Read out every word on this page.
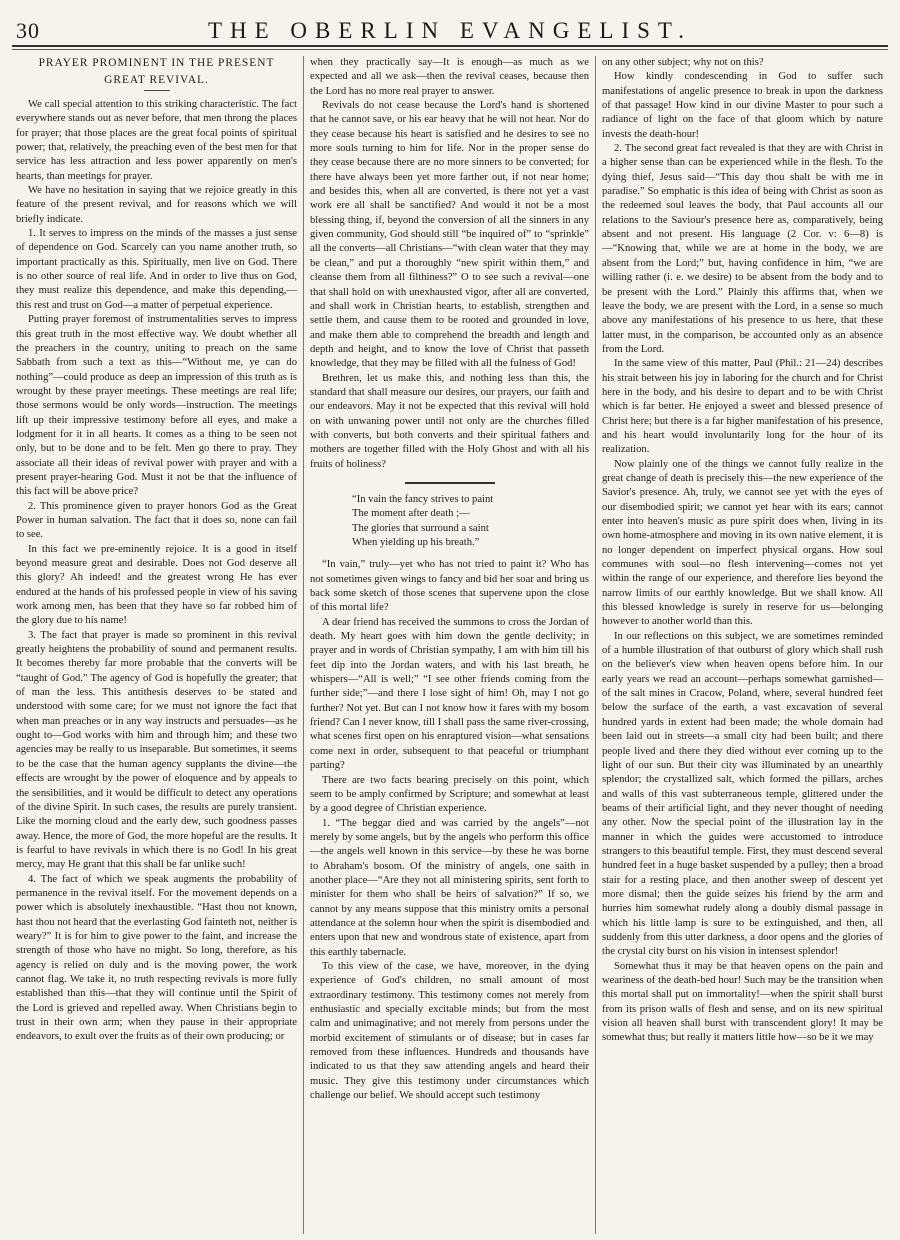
30	THE OBERLIN EVANGELIST.
PRAYER PROMINENT IN THE PRESENT
GREAT REVIVAL.

We call special attention to this striking characteristic. The fact everywhere stands out as never before, that men throng the places for prayer; that those places are the great focal points of spiritual power; that, relatively, the preaching even of the best men for that service has less attraction and less power apparently on men's hearts, than meetings for prayer.

We have no hesitation in saying that we rejoice greatly in this feature of the present revival, and for reasons which we will briefly indicate.

1. It serves to impress on the minds of the masses a just sense of dependence on God. Scarcely can you name another truth, so important practically as this. Spiritually, men live on God. There is no other source of real life. And in order to live thus on God, they must realize this dependence, and make this depending,—this rest and trust on God—a matter of perpetual experience.

Putting prayer foremost of instrumentalities serves to impress this great truth in the most effective way. We doubt whether all the preachers in the country, uniting to preach on the same Sabbath from such a text as this—“Without me, ye can do nothing”—could produce as deep an impression of this truth as is wrought by these prayer meetings. These meetings are real life; those sermons would be only words—instruction. The meetings lift up their impressive testimony before all eyes, and make a lodgment for it in all hearts. It comes as a thing to be seen not only, but to be done and to be felt. Men go there to pray. They associate all their ideas of revival power with prayer and with a present prayer-hearing God. Must it not be that the influence of this fact will be above price?

2. This prominence given to prayer honors God as the Great Power in human salvation. The fact that it does so, none can fail to see.

In this fact we pre-eminently rejoice. It is a good in itself beyond measure great and desirable. Does not God deserve all this glory? Ah indeed! and the greatest wrong He has ever endured at the hands of his professed people in view of his saving work among men, has been that they have so far robbed him of the glory due to his name!

3. The fact that prayer is made so prominent in this revival greatly heightens the probability of sound and permanent results. It becomes thereby far more probable that the converts will be “taught of God.” The agency of God is hopefully the greater; that of man the less. This antithesis deserves to be stated and understood with some care; for we must not ignore the fact that when man preaches or in any way instructs and persuades—as he ought to—God works with him and through him; and these two agencies may be really to us inseparable. But sometimes, it seems to be the case that the human agency supplants the divine—the effects are wrought by the power of eloquence and by appeals to the sensibilities, and it would be difficult to detect any operations of the divine Spirit. In such cases, the results are purely transient. Like the morning cloud and the early dew, such goodness passes away. Hence, the more of God, the more hopeful are the results. It is fearful to have revivals in which there is no God! In his great mercy, may He grant that this shall be far unlike such!

4. The fact of which we speak augments the probability of permanence in the revival itself. For the movement depends on a power which is absolutely inexhaustible. “Hast thou not known, hast thou not heard that the everlasting God fainteth not, neither is weary?” It is for him to give power to the faint, and increase the strength of those who have no might. So long, therefore, as his agency is relied on duly and is the moving power, the work cannot flag. We take it, no truth respecting revivals is more fully established than this—that they will continue until the Spirit of the Lord is grieved and repelled away. When Christians begin to trust in their own arm; when they pause in their appropriate endeavors, to exult over the fruits as of their own producing; or

when they practically say—It is enough—as much as we expected and all we ask—then the revival ceases, because then the Lord has no more real prayer to answer.

Revivals do not cease because the Lord's hand is shortened that he cannot save, or his ear heavy that he will not hear. Nor do they cease because his heart is satisfied and he desires to see no more souls turning to him for life. Nor in the proper sense do they cease because there are no more sinners to be converted; for there have always been yet more farther out, if not near home; and besides this, when all are converted, is there not yet a vast work ere all shall be sanctified? And would it not be a most blessing thing, if, beyond the conversion of all the sinners in any given community, God should still “be inquired of” to “sprinkle” all the converts—all Christians—“with clean water that they may be clean,” and put a thoroughly “new spirit within them,” and cleanse them from all filthiness?” O to see such a revival—one that shall hold on with unexhausted vigor, after all are converted, and shall work in Christian hearts, to establish, strengthen and settle them, and cause them to be rooted and grounded in love, and make them able to comprehend the breadth and length and depth and height, and to know the love of Christ that passeth knowledge, that they may be filled with all the fulness of God!

Brethren, let us make this, and nothing less than this, the standard that shall measure our desires, our prayers, our faith and our endeavors. May it not be expected that this revival will hold on with unwaning power until not only are the churches filled with converts, but both converts and their spiritual fathers and mothers are together filled with the Holy Ghost and with all his fruits of holiness?

“In vain the fancy strives to paint
The moment after death ;—
The glories that surround a saint
When yielding up his breath.”

“In vain,” truly—yet who has not tried to paint it? Who has not sometimes given wings to fancy and bid her soar and bring us back some sketch of those scenes that supervene upon the close of this mortal life?

A dear friend has received the summons to cross the Jordan of death. My heart goes with him down the gentle declivity; in prayer and in words of Christian sympathy, I am with him till his feet dip into the Jordan waters, and with his last breath, he whispers—“All is well;” “I see other friends coming from the further side;”—and there I lose sight of him! Oh, may I not go further? Not yet. But can I not know how it fares with my bosom friend? Can I never know, till I shall pass the same river-crossing, what scenes first open on his enraptured vision—what sensations come next in order, subsequent to that peaceful or triumphant parting?

There are two facts bearing precisely on this point, which seem to be amply confirmed by Scripture; and somewhat at least by a good degree of Christian experience.

1. “The beggar died and was carried by the angels”—not merely by some angels, but by the angels who perform this office—the angels well known in this service—by these he was borne to Abraham's bosom. Of the ministry of angels, one saith in another place—“Are they not all ministering spirits, sent forth to minister for them who shall be heirs of salvation?” If so, we cannot by any means suppose that this ministry omits a personal attendance at the solemn hour when the spirit is disembodied and enters upon that new and wondrous state of existence, apart from this earthly tabernacle.

To this view of the case, we have, moreover, in the dying experience of God's children, no small amount of most extraordinary testimony. This testimony comes not merely from enthusiastic and specially excitable minds; but from the most calm and unimaginative; and not merely from persons under the morbid excitement of stimulants or of disease; but in cases far removed from these influences. Hundreds and thousands have indicated to us that they saw attending angels and heard their music. They give this testimony under circumstances which challenge our belief. We should accept such testimony

on any other subject; why not on this?

How kindly condescending in God to suffer such manifestations of angelic presence to break in upon the darkness of that passage! How kind in our divine Master to pour such a radiance of light on the face of that gloom which by nature invests the death-hour!

2. The second great fact revealed is that they are with Christ in a higher sense than can be experienced while in the flesh. To the dying thief, Jesus said—“This day thou shalt be with me in paradise.” So emphatic is this idea of being with Christ as soon as the redeemed soul leaves the body, that Paul accounts all our relations to the Saviour's presence here as, comparatively, being absent and not present. His language (2 Cor. v: 6—8) is—“Knowing that, while we are at home in the body, we are absent from the Lord;” but, having confidence in him, “we are willing rather (i. e. we desire) to be absent from the body and to be present with the Lord.” Plainly this affirms that, when we leave the body, we are present with the Lord, in a sense so much above any manifestations of his presence to us here, that these latter must, in the comparison, be accounted only as an absence from the Lord.

In the same view of this matter, Paul (Phil.: 21—24) describes his strait between his joy in laboring for the church and for Christ here in the body, and his desire to depart and to be with Christ which is far better. He enjoyed a sweet and blessed presence of Christ here; but there is a far higher manifestation of his presence, and his heart would involuntarily long for the hour of its realization.

Now plainly one of the things we cannot fully realize in the great change of death is precisely this—the new experience of the Savior's presence. Ah, truly, we cannot see yet with the eyes of our disembodied spirit; we cannot yet hear with its ears; cannot enter into heaven's music as pure spirit does when, living in its own home-atmosphere and moving in its own native element, it is no longer dependent on imperfect physical organs. How soul communes with soul—no flesh intervening—comes not yet within the range of our experience, and therefore lies beyond the narrow limits of our earthly knowledge. But we shall know. All this blessed knowledge is surely in reserve for us—belonging however to another world than this.

In our reflections on this subject, we are sometimes reminded of a humble illustration of that outburst of glory which shall rush on the believer's view when heaven opens before him. In our early years we read an account—perhaps somewhat garnished—of the salt mines in Cracow, Poland, where, several hundred feet below the surface of the earth, a vast excavation of several hundred yards in extent had been made; the whole domain had been laid out in streets—a small city had been built; and there people lived and there they died without ever coming up to the light of our sun. But their city was illuminated by an unearthly splendor; the crystallized salt, which formed the pillars, arches and walls of this vast subterraneous temple, glittered under the beams of their artificial light, and they never thought of needing any other. Now the special point of the illustration lay in the manner in which the guides were accustomed to introduce strangers to this beautiful temple. First, they must descend several hundred feet in a huge basket suspended by a pulley; then a broad stair for a resting place, and then another sweep of descent yet more dismal; then the guide seizes his friend by the arm and hurries him somewhat rudely along a doubly dismal passage in which his little lamp is sure to be extinguished, and then, all suddenly from this utter darkness, a door opens and the glories of the crystal city burst on his vision in intensest splendor!

Somewhat thus it may be that heaven opens on the pain and weariness of the death-bed hour! Such may be the transition when this mortal shall put on immortality!—when the spirit shall burst from its prison walls of flesh and sense, and on its new spiritual vision all heaven shall burst with transcendent glory! It may be somewhat thus; but really it matters little how—so be it we may
